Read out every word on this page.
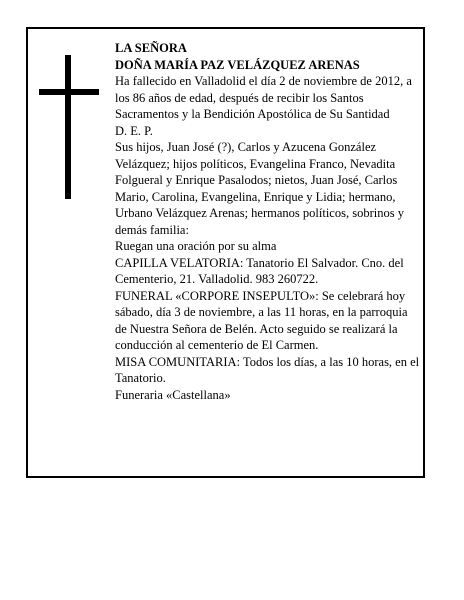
LA SEÑORA

DOÑA MARÍA PAZ VELÁZQUEZ ARENAS

Ha fallecido en Valladolid el día 2 de noviembre de 2012, a los 86 años de edad, después de recibir los Santos Sacramentos y la Bendición Apostólica de Su Santidad

D. E. P.

Sus hijos, Juan José (?), Carlos y Azucena González Velázquez; hijos políticos, Evangelina Franco, Nevadita Folgueral y Enrique Pasalodos; nietos, Juan José, Carlos Mario, Carolina, Evangelina, Enrique y Lidia; hermano, Urbano Velázquez Arenas; hermanos políticos, sobrinos y demás familia:

Ruegan una oración por su alma

CAPILLA VELATORIA: Tanatorio El Salvador. Cno. del Cementerio, 21. Valladolid. 983 260722.

FUNERAL «CORPORE INSEPULTO»: Se celebrará hoy sábado, día 3 de noviembre, a las 11 horas, en la parroquia de Nuestra Señora de Belén. Acto seguido se realizará la conducción al cementerio de El Carmen.

MISA COMUNITARIA: Todos los días, a las 10 horas, en el Tanatorio.

Funeraria «Castellana»
